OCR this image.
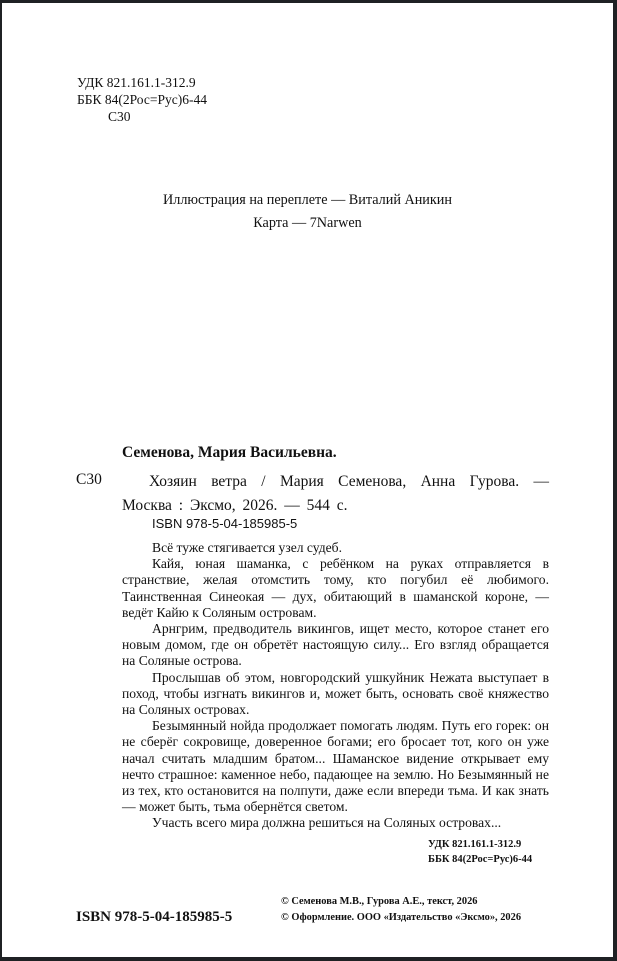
УДК 821.161.1-312.9
ББК 84(2Рос=Рус)6-44
С30
Иллюстрация на переплете — Виталий Аникин
Карта — 7Narwen
Семенова, Мария Васильевна.
С30	Хозяин ветра / Мария Семенова, Анна Гурова. — Москва : Эксмо, 2026. — 544 с.
ISBN 978-5-04-185985-5

Всё туже стягивается узел судеб.

Кайя, юная шаманка, с ребёнком на руках отправляется в странствие, желая отомстить тому, кто погубил её любимого. Таинственная Синеокая — дух, обитающий в шаманской короне, — ведёт Кайю к Соляным островам.

Арнгрим, предводитель викингов, ищет место, которое станет его новым домом, где он обретёт настоящую силу... Его взгляд обращается на Соляные острова.

Прослышав об этом, новгородский ушкуйник Нежата выступает в поход, чтобы изгнать викингов и, может быть, основать своё княжество на Соляных островах.

Безымянный нойда продолжает помогать людям. Путь его горек: он не сберёг сокровище, доверенное богами; его бросает тот, кого он уже начал считать младшим братом... Шаманское видение открывает ему нечто страшное: каменное небо, падающее на землю. Но Безымянный не из тех, кто остановится на полпути, даже если впереди тьма. И как знать — может быть, тьма обернётся светом.

Участь всего мира должна решиться на Соляных островах...

УДК 821.161.1-312.9
ББК 84(2Рос=Рус)6-44
ISBN 978-5-04-185985-5
© Семенова М.В., Гурова А.Е., текст, 2026
© Оформление. ООО «Издательство «Эксмо», 2026
